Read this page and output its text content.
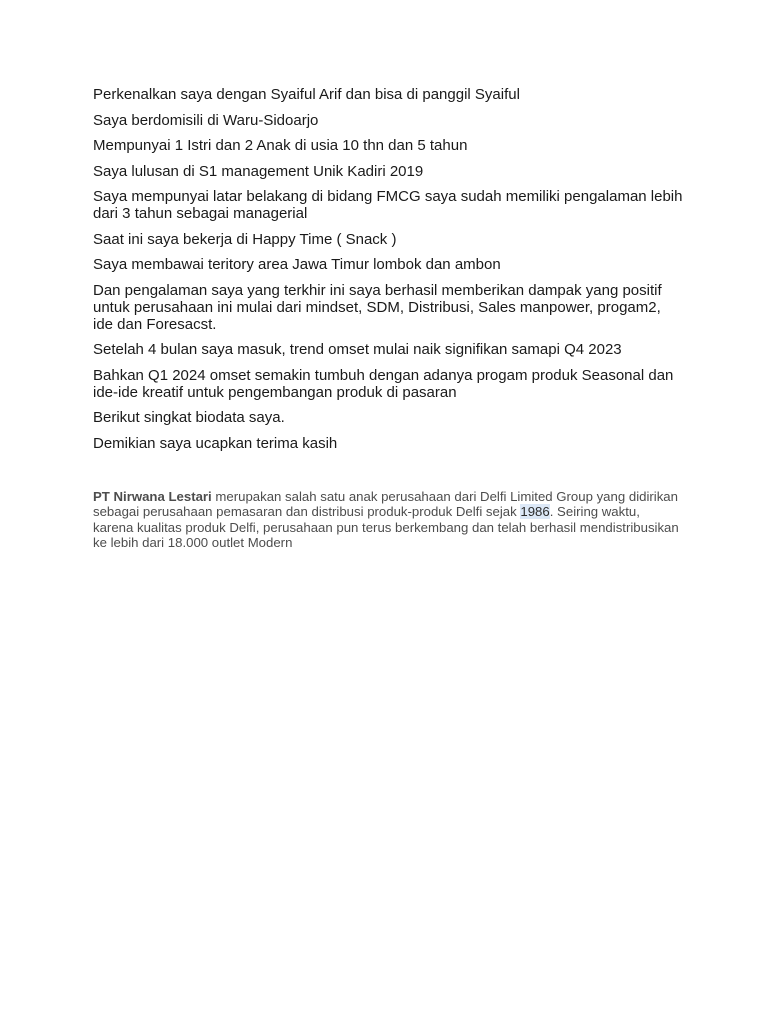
Perkenalkan saya dengan Syaiful Arif dan bisa di panggil Syaiful

Saya berdomisili di Waru-Sidoarjo

Mempunyai 1 Istri dan 2 Anak di usia 10 thn dan 5 tahun

Saya lulusan di S1 management Unik Kadiri 2019

Saya mempunyai latar belakang di bidang FMCG saya sudah memiliki pengalaman lebih dari 3 tahun sebagai managerial

Saat ini saya bekerja di Happy Time ( Snack )

Saya membawai teritory area Jawa Timur lombok dan ambon

Dan pengalaman saya yang terkhir ini saya berhasil memberikan dampak yang positif untuk perusahaan ini mulai dari mindset, SDM, Distribusi, Sales manpower, progam2, ide dan Foresacst.

Setelah 4 bulan saya masuk, trend omset mulai naik signifikan samapi Q4 2023

Bahkan Q1 2024 omset semakin tumbuh dengan adanya progam produk Seasonal dan ide-ide kreatif untuk pengembangan produk di pasaran

Berikut singkat biodata saya.

Demikian saya ucapkan terima kasih

PT Nirwana Lestari merupakan salah satu anak perusahaan dari Delfi Limited Group yang didirikan sebagai perusahaan pemasaran dan distribusi produk-produk Delfi sejak 1986. Seiring waktu, karena kualitas produk Delfi, perusahaan pun terus berkembang dan telah berhasil mendistribusikan ke lebih dari 18.000 outlet Modern
